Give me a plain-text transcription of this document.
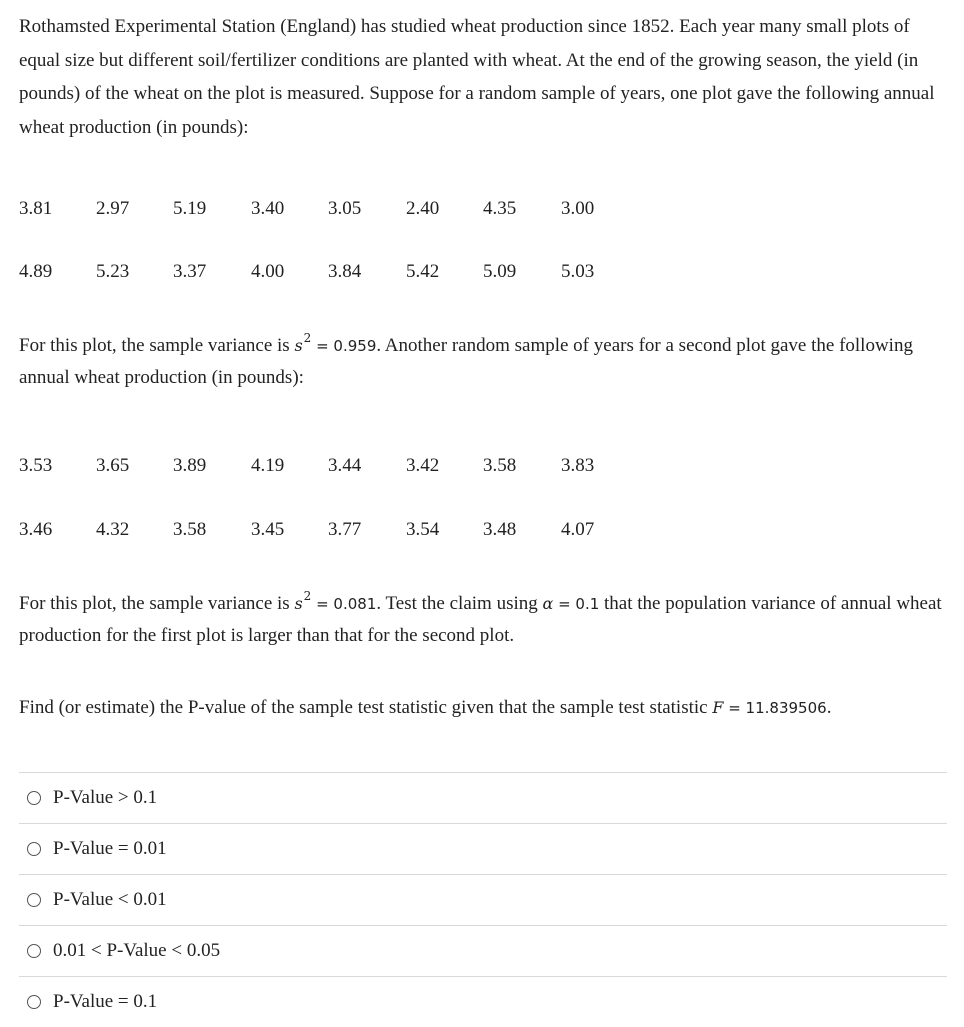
Rothamsted Experimental Station (England) has studied wheat production since 1852. Each year many small plots of equal size but different soil/fertilizer conditions are planted with wheat. At the end of the growing season, the yield (in pounds) of the wheat on the plot is measured. Suppose for a random sample of years, one plot gave the following annual wheat production (in pounds):

3.81 2.97 5.19 3.40 3.05 2.40 4.35 3.00
4.89 5.23 3.37 4.00 3.84 5.42 5.09 5.03

For this plot, the sample variance is $s^2 = 0.959$. Another random sample of years for a second plot gave the following annual wheat production (in pounds):

3.53 3.65 3.89 4.19 3.44 3.42 3.58 3.83
3.46 4.32 3.58 3.45 3.77 3.54 3.48 4.07

For this plot, the sample variance is $s^2 = 0.081$. Test the claim using α = 0.1 that the population variance of annual wheat production for the first plot is larger than that for the second plot.

Find (or estimate) the P-value of the sample test statistic given that the sample test statistic F = 11.839506.

P-Value > 0.1
P-Value = 0.01
P-Value < 0.01
0.01 < P-Value < 0.05
P-Value = 0.1
